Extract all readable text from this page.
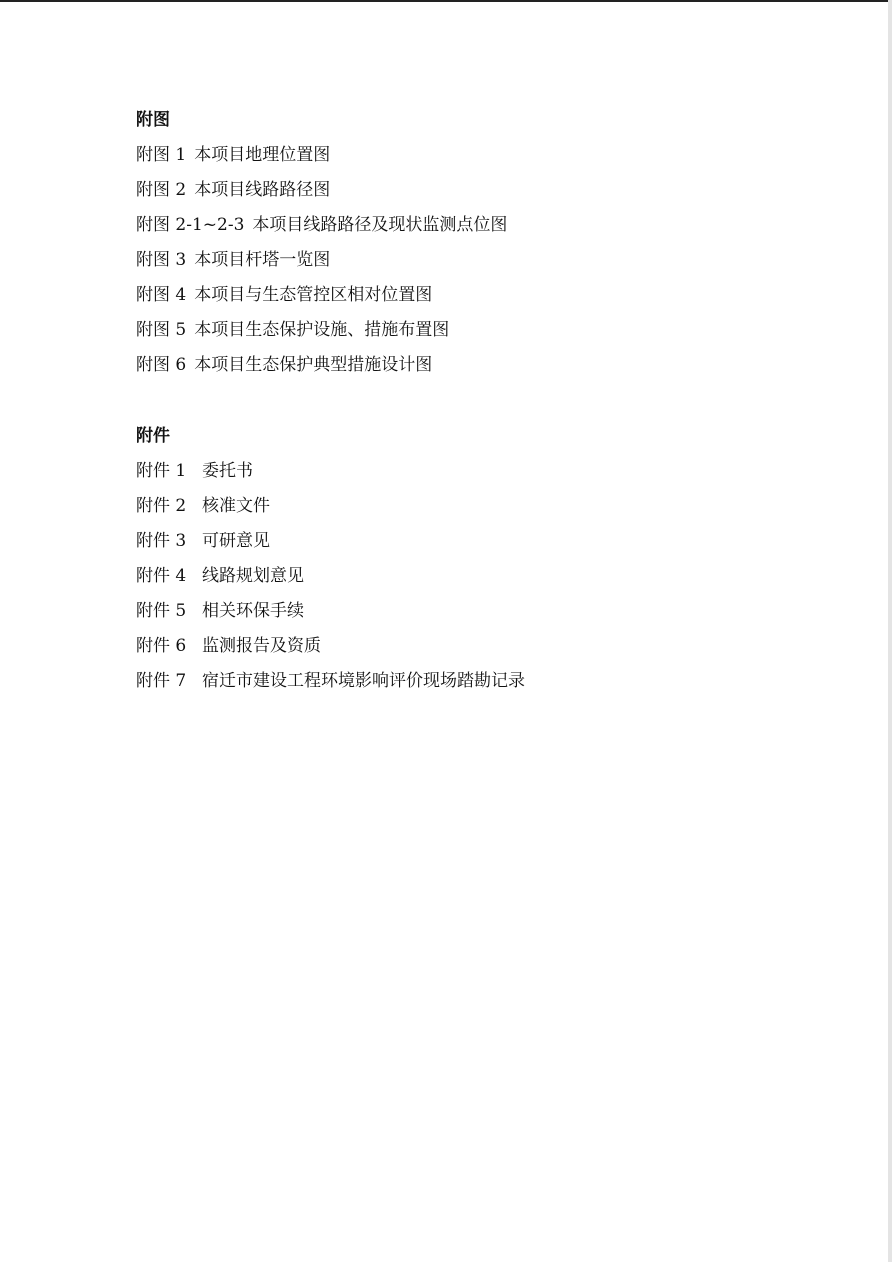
附图
附图 1 本项目地理位置图
附图 2 本项目线路路径图
附图 2-1~2-3 本项目线路路径及现状监测点位图
附图 3 本项目杆塔一览图
附图 4 本项目与生态管控区相对位置图
附图 5 本项目生态保护设施、措施布置图
附图 6 本项目生态保护典型措施设计图
附件
附件 1 委托书
附件 2 核准文件
附件 3 可研意见
附件 4 线路规划意见
附件 5 相关环保手续
附件 6 监测报告及资质
附件 7 宿迁市建设工程环境影响评价现场踏勘记录
